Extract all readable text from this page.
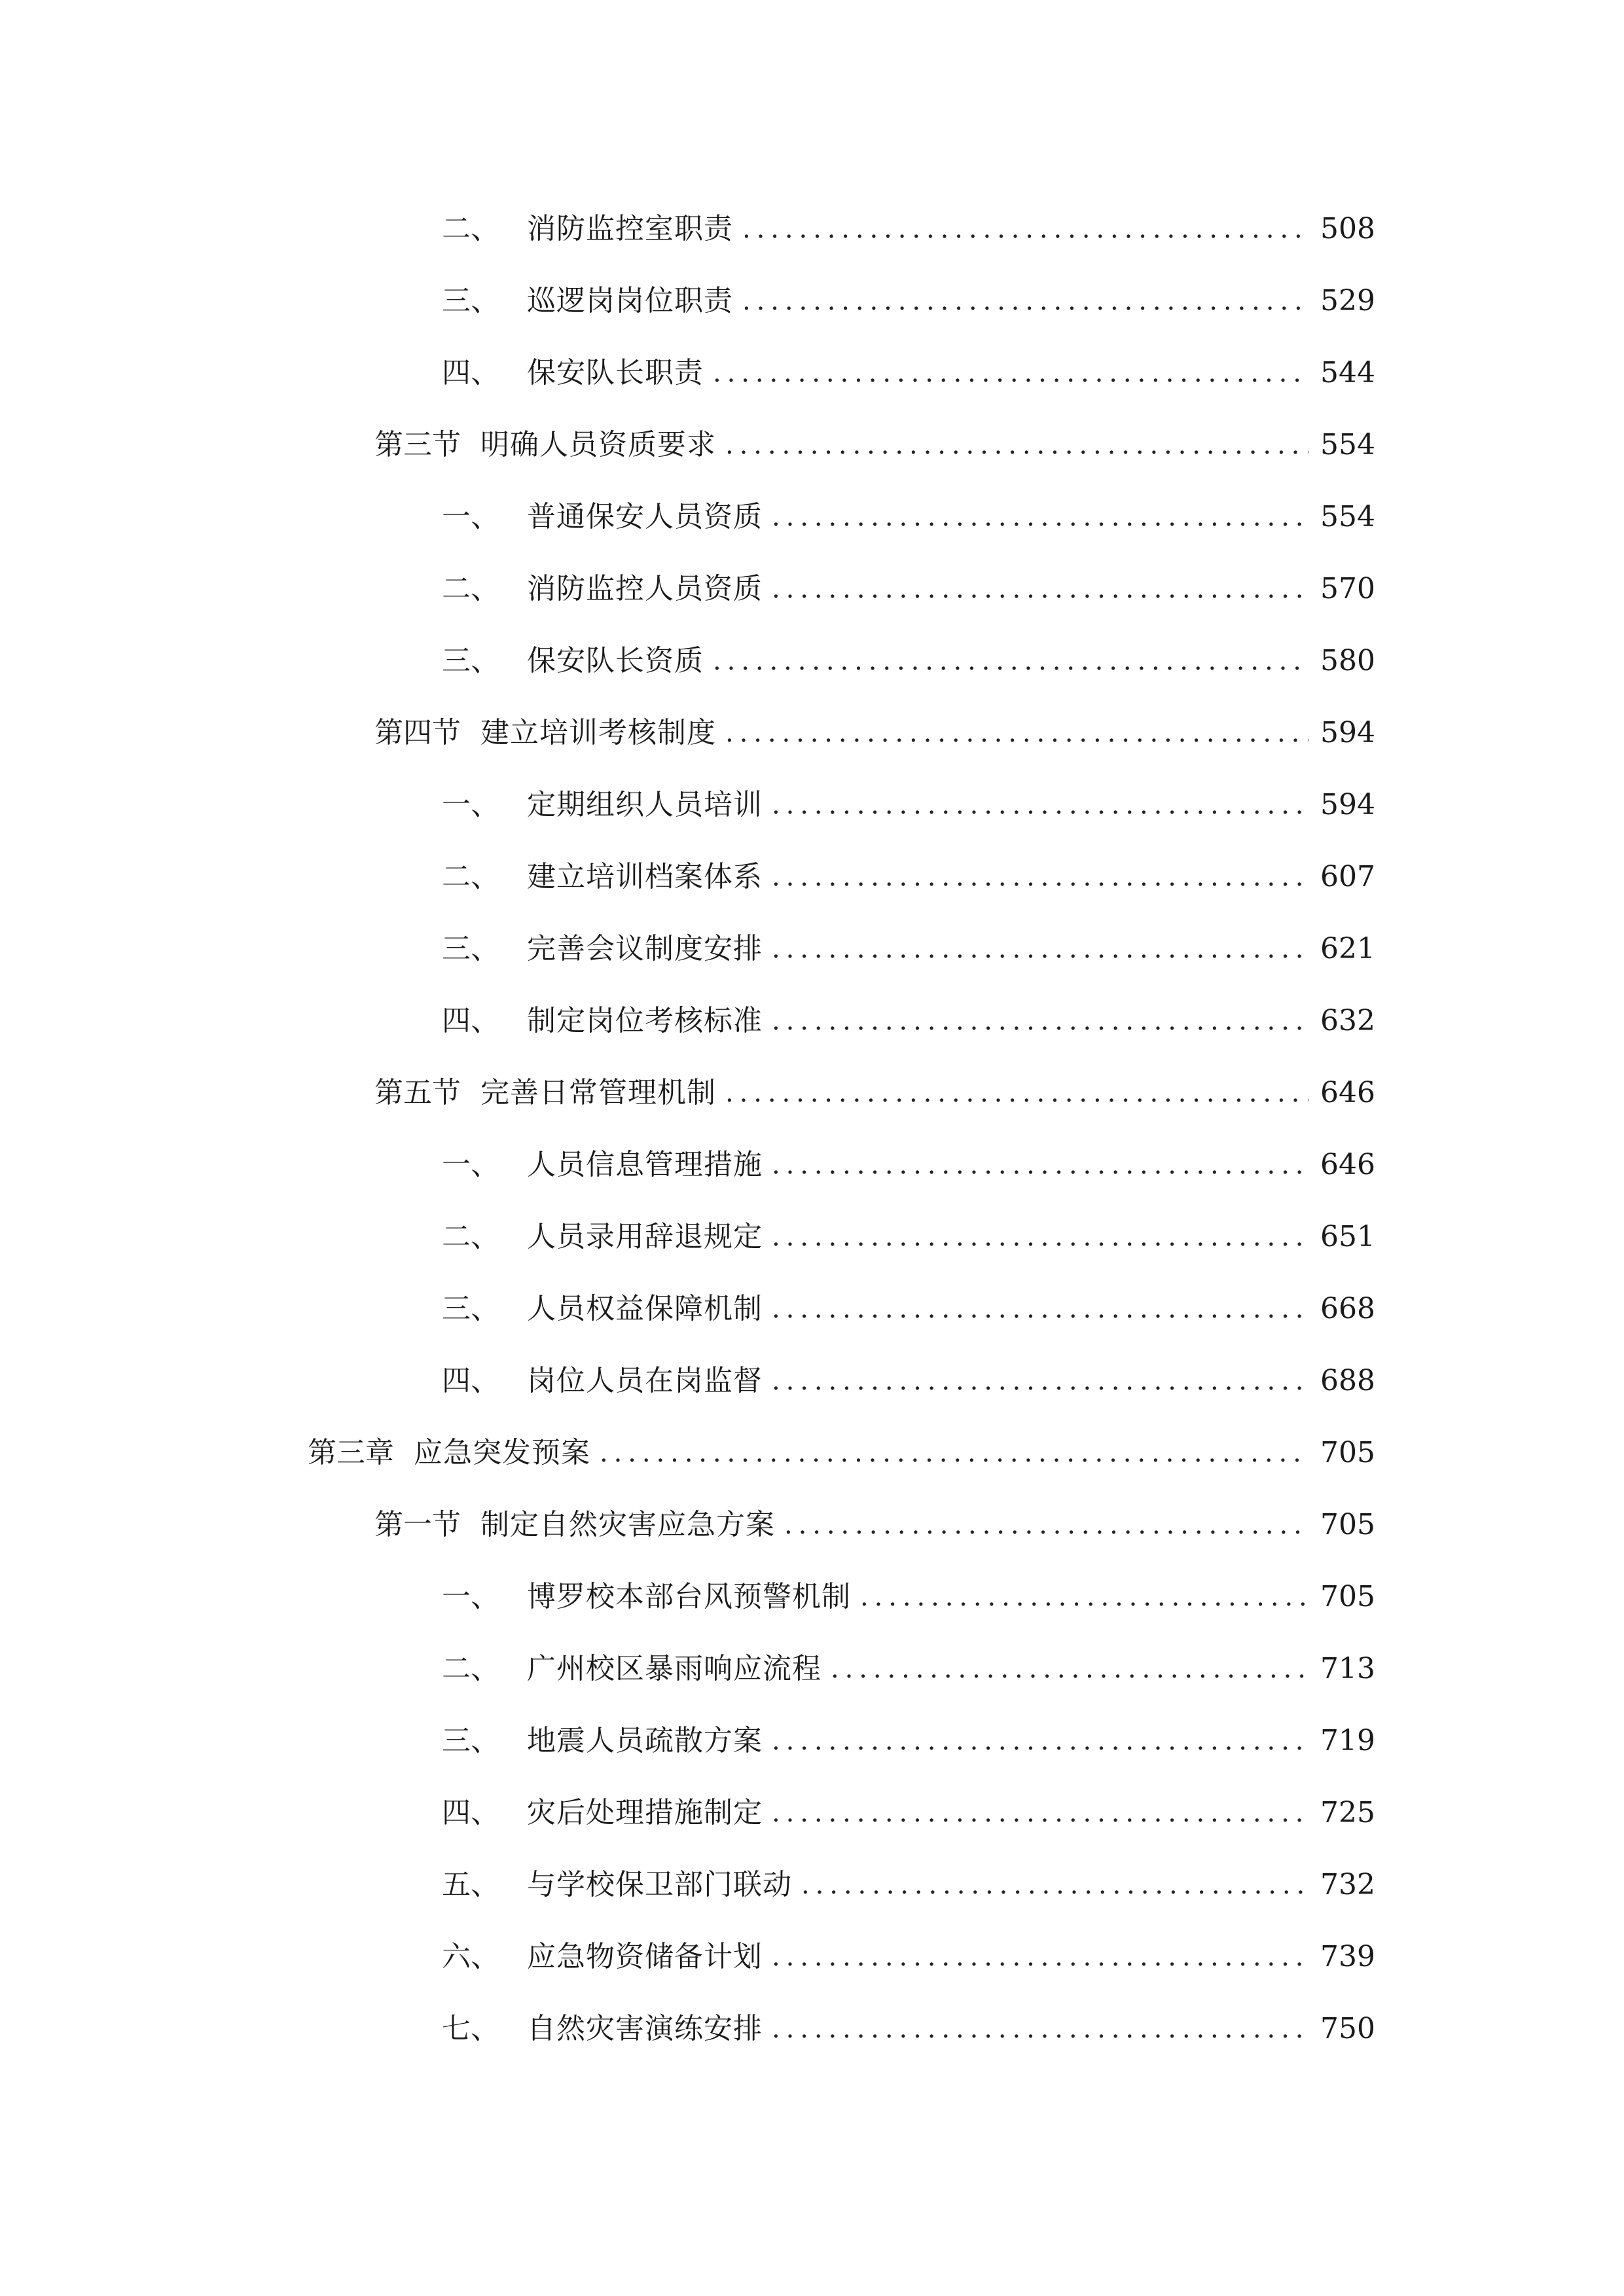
二、 消防监控室职责 .....	508
三、 巡逻岗岗位职责 .....	529
四、 保安队长职责 .....	544
第三节 明确人员资质要求 .....	554
一、 普通保安人员资质 .....	554
二、 消防监控人员资质 .....	570
三、 保安队长资质 .....	580
第四节 建立培训考核制度 .....	594
一、 定期组织人员培训 .....	594
二、 建立培训档案体系 .....	607
三、 完善会议制度安排 .....	621
四、 制定岗位考核标准 .....	632
第五节 完善日常管理机制 .....	646
一、 人员信息管理措施 .....	646
二、 人员录用辞退规定 .....	651
三、 人员权益保障机制 .....	668
四、 岗位人员在岗监督 .....	688
第三章 应急突发预案 .....	705
第一节 制定自然灾害应急方案 .....	705
一、 博罗校本部台风预警机制 .....	705
二、 广州校区暴雨响应流程 .....	713
三、 地震人员疏散方案 .....	719
四、 灾后处理措施制定 .....	725
五、 与学校保卫部门联动 .....	732
六、 应急物资储备计划 .....	739
七、 自然灾害演练安排 .....	750
